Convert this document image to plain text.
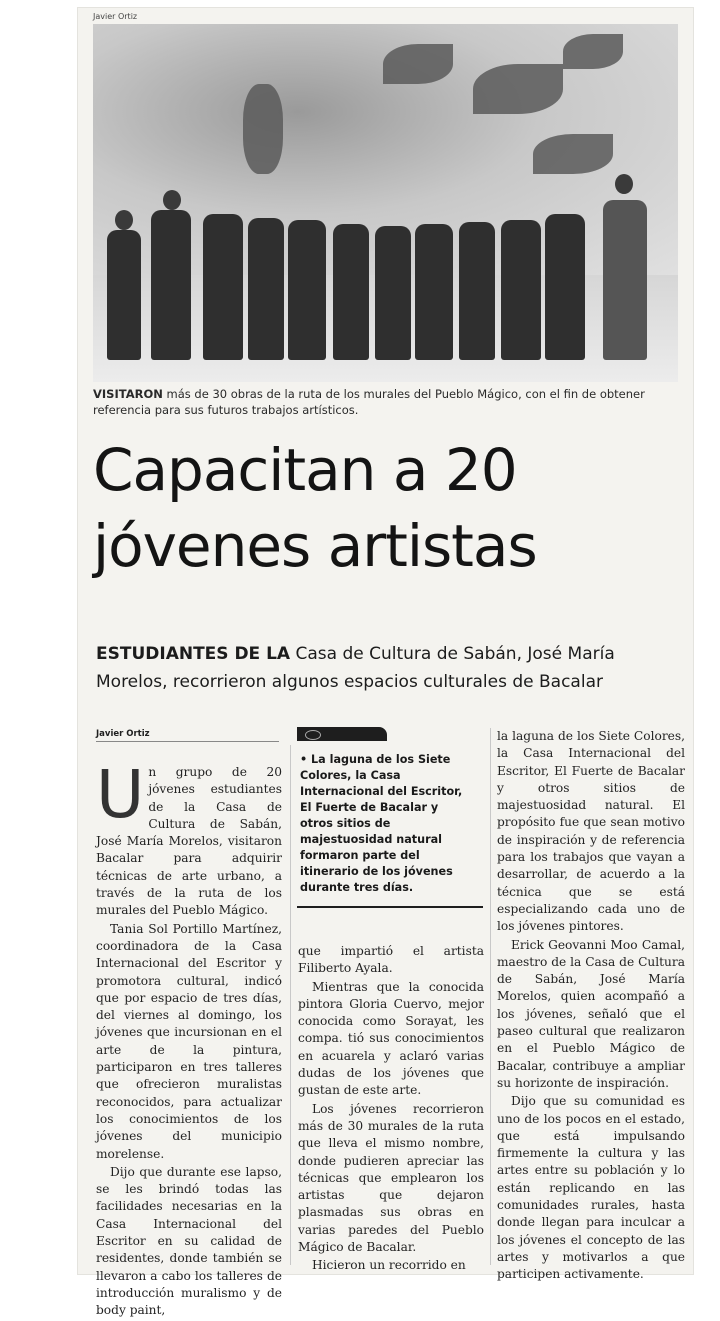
Javier Ortiz
VISITARON más de 30 obras de la ruta de los murales del Pueblo Mágico, con el fin de obtener referencia para sus futuros trabajos artísticos.
Capacitan a 20
jóvenes artistas
ESTUDIANTES DE LA Casa de Cultura de Sabán, José María Morelos, recorrieron algunos espacios culturales de Bacalar
Javier Ortiz
U n grupo de 20 jóvenes estudiantes de la Casa de Cultura de Sabán, José María Morelos, visitaron Bacalar para adquirir técnicas de arte urbano, a través de la ruta de los murales del Pueblo Mágico.

Tania Sol Portillo Martínez, coordinadora de la Casa Internacional del Escritor y promotora cultural, indicó que por espacio de tres días, del viernes al domingo, los jóvenes que incursionan en el arte de la pintura, participaron en tres talleres que ofrecieron muralistas reconocidos, para actualizar los conocimientos de los jóvenes del municipio morelense.

Dijo que durante ese lapso, se les brindó todas las facilidades necesarias en la Casa Internacional del Escritor en su calidad de residentes, donde también se llevaron a cabo los talleres de introducción muralismo y de body paint,

• La laguna de los Siete Colores, la Casa Internacional del Escritor, El Fuerte de Bacalar y otros sitios de majestuosidad natural formaron parte del itinerario de los jóvenes durante tres días.

que impartió el artista Filiberto Ayala.

Mientras que la conocida pintora Gloria Cuervo, mejor conocida como Sorayat, les compa. tió sus conocimientos en acuarela y aclaró varias dudas de los jóvenes que gustan de este arte.

Los jóvenes recorrieron más de 30 murales de la ruta que lleva el mismo nombre, donde pudieren apreciar las técnicas que emplearon los artistas que dejaron plasmadas sus obras en varias paredes del Pueblo Mágico de Bacalar.

Hicieron un recorrido en

la laguna de los Siete Colores, la Casa Internacional del Escritor, El Fuerte de Bacalar y otros sitios de majestuosidad natural. El propósito fue que sean motivo de inspiración y de referencia para los trabajos que vayan a desarrollar, de acuerdo a la técnica que se está especializando cada uno de los jóvenes pintores.

Erick Geovanni Moo Camal, maestro de la Casa de Cultura de Sabán, José María Morelos, quien acompañó a los jóvenes, señaló que el paseo cultural que realizaron en el Pueblo Mágico de Bacalar, contribuye a ampliar su horizonte de inspiración.

Dijo que su comunidad es uno de los pocos en el estado, que está impulsando firmemente la cultura y las artes entre su población y lo están replicando en las comunidades rurales, hasta donde llegan para inculcar a los jóvenes el concepto de las artes y motivarlos a que participen activamente.
